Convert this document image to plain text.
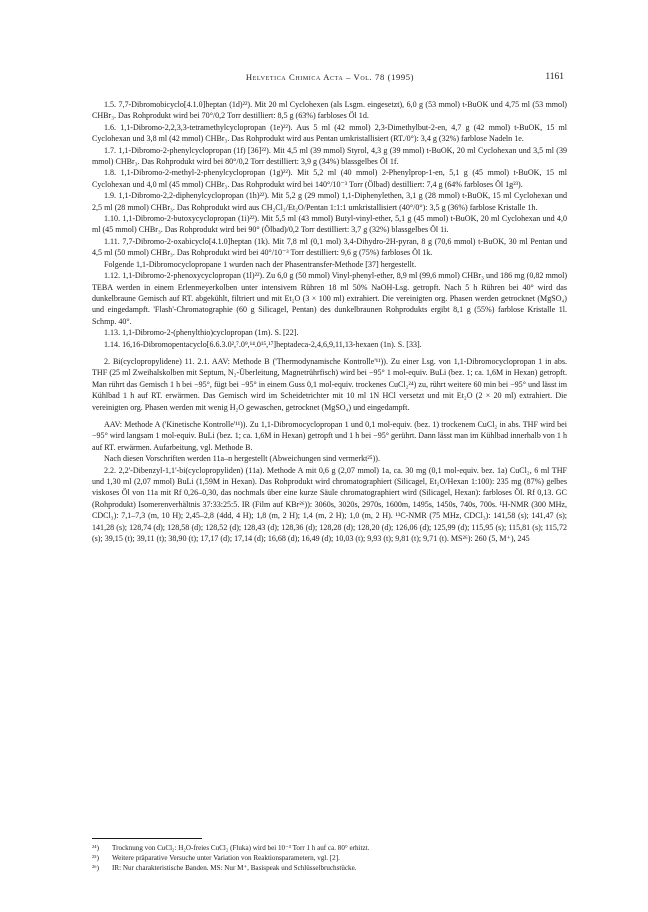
Helvetica Chimica Acta – Vol. 78 (1995)	1161

1.5. 7,7-Dibromobicyclo[4.1.0]heptan (1d)²²). Mit 20 ml Cyclohexen (als Lsgm. eingesetzt), 6,0 g (53 mmol) t-BuOK und 4,75 ml (53 mmol) CHBr₃. Das Rohprodukt wird bei 70°/0,2 Torr destilliert: 8,5 g (63%) farbloses Öl 1d.

1.6. 1,1-Dibromo-2,2,3,3-tetramethylcyclopropan (1e)²²). Aus 5 ml (42 mmol) 2,3-Dimethylbut-2-en, 4,7 g (42 mmol) t-BuOK, 15 ml Cyclohexan und 3,8 ml (42 mmol) CHBr₃. Das Rohprodukt wird aus Pentan umkristallisiert (RT./0°): 3,4 g (32%) farblose Nadeln 1e.

1.7. 1,1-Dibromo-2-phenylcyclopropan (1f) [36]²²). Mit 4,5 ml (39 mmol) Styrol, 4,3 g (39 mmol) t-BuOK, 20 ml Cyclohexan und 3,5 ml (39 mmol) CHBr₃. Das Rohprodukt wird bei 80°/0,2 Torr destilliert: 3,9 g (34%) blassgelbes Öl 1f.

1.8. 1,1-Dibromo-2-methyl-2-phenylcyclopropan (1g)²²). Mit 5,2 ml (40 mmol) 2-Phenylprop-1-en, 5,1 g (45 mmol) t-BuOK, 15 ml Cyclohexan und 4,0 ml (45 mmol) CHBr₃. Das Rohprodukt wird bei 140°/10⁻³ Torr (Ölbad) destilliert: 7,4 g (64% farbloses Öl 1g²³).

1.9. 1,1-Dibromo-2,2-diphenylcyclopropan (1h)²²). Mit 5,2 g (29 mmol) 1,1-Diphenylethen, 3,1 g (28 mmol) t-BuOK, 15 ml Cyclohexan und 2,5 ml (28 mmol) CHBr₃. Das Rohprodukt wird aus CH₂Cl₂/Et₂O/Pentan 1:1:1 umkristallisiert (40°/0°): 3,5 g (36%) farblose Kristalle 1h.

1.10. 1,1-Dibromo-2-butoxycyclopropan (1i)²²). Mit 5,5 ml (43 mmol) Butyl-vinyl-ether, 5,1 g (45 mmol) t-BuOK, 20 ml Cyclohexan und 4,0 ml (45 mmol) CHBr₃. Das Rohprodukt wird bei 90° (Ölbad)/0,2 Torr destilliert: 3,7 g (32%) blassgelbes Öl 1i.

1.11. 7,7-Dibromo-2-oxabicyclo[4.1.0]heptan (1k). Mit 7,8 ml (0,1 mol) 3,4-Dihydro-2H-pyran, 8 g (70,6 mmol) t-BuOK, 30 ml Pentan und 4,5 ml (50 mmol) CHBr₃. Das Rohprodukt wird bei 40°/10⁻³ Torr destilliert: 9,6 g (75%) farbloses Öl 1k.

Folgende 1,1-Dibromocyclopropane 1 wurden nach der Phasentransfer-Methode [37] hergestellt.

1.12. 1,1-Dibromo-2-phenoxycyclopropan (1l)²²). Zu 6,0 g (50 mmol) Vinyl-phenyl-ether, 8,9 ml (99,6 mmol) CHBr₃ und 186 mg (0,82 mmol) TEBA werden in einem Erlenmeyerkolben unter intensivem Rühren 18 ml 50% NaOH-Lsg. getropft. Nach 5 h Rühren bei 40° wird das dunkelbraune Gemisch auf RT. abgekühlt, filtriert und mit Et₂O (3 × 100 ml) extrahiert. Die vereinigten org. Phasen werden getrocknet (MgSO₄) und eingedampft. 'Flash'-Chromatographie (60 g Silicagel, Pentan) des dunkelbraunen Rohprodukts ergibt 8,1 g (55%) farblose Kristalle 1l. Schmp. 40°.

1.13. 1,1-Dibromo-2-(phenylthio)cyclopropan (1m). S. [22].

1.14. 16,16-Dibromopentacyclo[6.6.3.0²,⁷.0⁹,¹⁴.0¹⁵,¹⁷]heptadeca-2,4,6,9,11,13-hexaen (1n). S. [33].

2. Bi(cyclopropylidene) 11. 2.1. AAV: Methode B ('Thermodynamische Kontrolle'¹¹)). Zu einer Lsg. von 1,1-Dibromocyclopropan 1 in abs. THF (25 ml Zweihalskolben mit Septum, N₂-Überleitung, Magnetrührfisch) wird bei −95° 1 mol-equiv. BuLi (bez. 1; ca. 1,6M in Hexan) getropft. Man rührt das Gemisch 1 h bei −95°, fügt bei −95° in einem Guss 0,1 mol-equiv. trockenes CuCl₂²⁴) zu, rührt weitere 60 min bei −95° und lässt im Kühlbad 1 h auf RT. erwärmen. Das Gemisch wird im Scheidetrichter mit 10 ml 1N HCl versetzt und mit Et₂O (2 × 20 ml) extrahiert. Die vereinigten org. Phasen werden mit wenig H₂O gewaschen, getrocknet (MgSO₄) und eingedampft.

AAV: Methode A ('Kinetische Kontrolle'¹¹)). Zu 1,1-Dibromocyclopropan 1 und 0,1 mol-equiv. (bez. 1) trockenem CuCl₂ in abs. THF wird bei −95° wird langsam 1 mol-equiv. BuLi (bez. 1; ca. 1,6M in Hexan) getropft und 1 h bei −95° gerührt. Dann lässt man im Kühlbad innerhalb von 1 h auf RT. erwärmen. Aufarbeitung, vgl. Methode B.

Nach diesen Vorschriften werden 11a–n hergestellt (Abweichungen sind vermerkt²⁵)).

2.2. 2,2'-Dibenzyl-1,1'-bi(cyclopropyliden) (11a). Methode A mit 0,6 g (2,07 mmol) 1a, ca. 30 mg (0,1 mol-equiv. bez. 1a) CuCl₂, 6 ml THF und 1,30 ml (2,07 mmol) BuLi (1,59M in Hexan). Das Rohprodukt wird chromatographiert (Silicagel, Et₂O/Hexan 1:100): 235 mg (87%) gelbes viskoses Öl von 11a mit Rf 0,26–0,30, das nochmals über eine kurze Säule chromatographiert wird (Silicagel, Hexan): farbloses Öl. Rf 0,13. GC (Rohprodukt) Isomerenverhältnis 37:33:25:5. IR (Film auf KBr²⁶)): 3060s, 3020s, 2970s, 1600m, 1495s, 1450s, 740s, 700s. ¹H-NMR (300 MHz, CDCl₃): 7,1–7,3 (m, 10 H); 2,45–2,8 (4dd, 4 H); 1,8 (m, 2 H); 1,4 (m, 2 H); 1,0 (m, 2 H). ¹³C-NMR (75 MHz, CDCl₃): 141,58 (s); 141,47 (s); 141,28 (s); 128,74 (d); 128,58 (d); 128,52 (d); 128,43 (d); 128,36 (d); 128,28 (d); 128,20 (d); 126,06 (d); 125,99 (d); 115,95 (s); 115,81 (s); 115,72 (s); 39,15 (t); 39,11 (t); 38,90 (t); 17,17 (d); 17,14 (d); 16,68 (d); 16,49 (d); 10,03 (t); 9,93 (t); 9,81 (t); 9,71 (t). MS²⁶): 260 (5, M⁺), 245

²⁴)	Trocknung von CuCl₂: H₂O-freies CuCl₂ (Fluka) wird bei 10⁻³ Torr 1 h auf ca. 80° erhitzt.
²⁵)	Weitere präparative Versuche unter Variation von Reaktionsparametern, vgl. [2].
²⁶)	IR: Nur charakteristische Banden. MS: Nur M⁺, Basispeak und Schlüsselbruchstücke.
